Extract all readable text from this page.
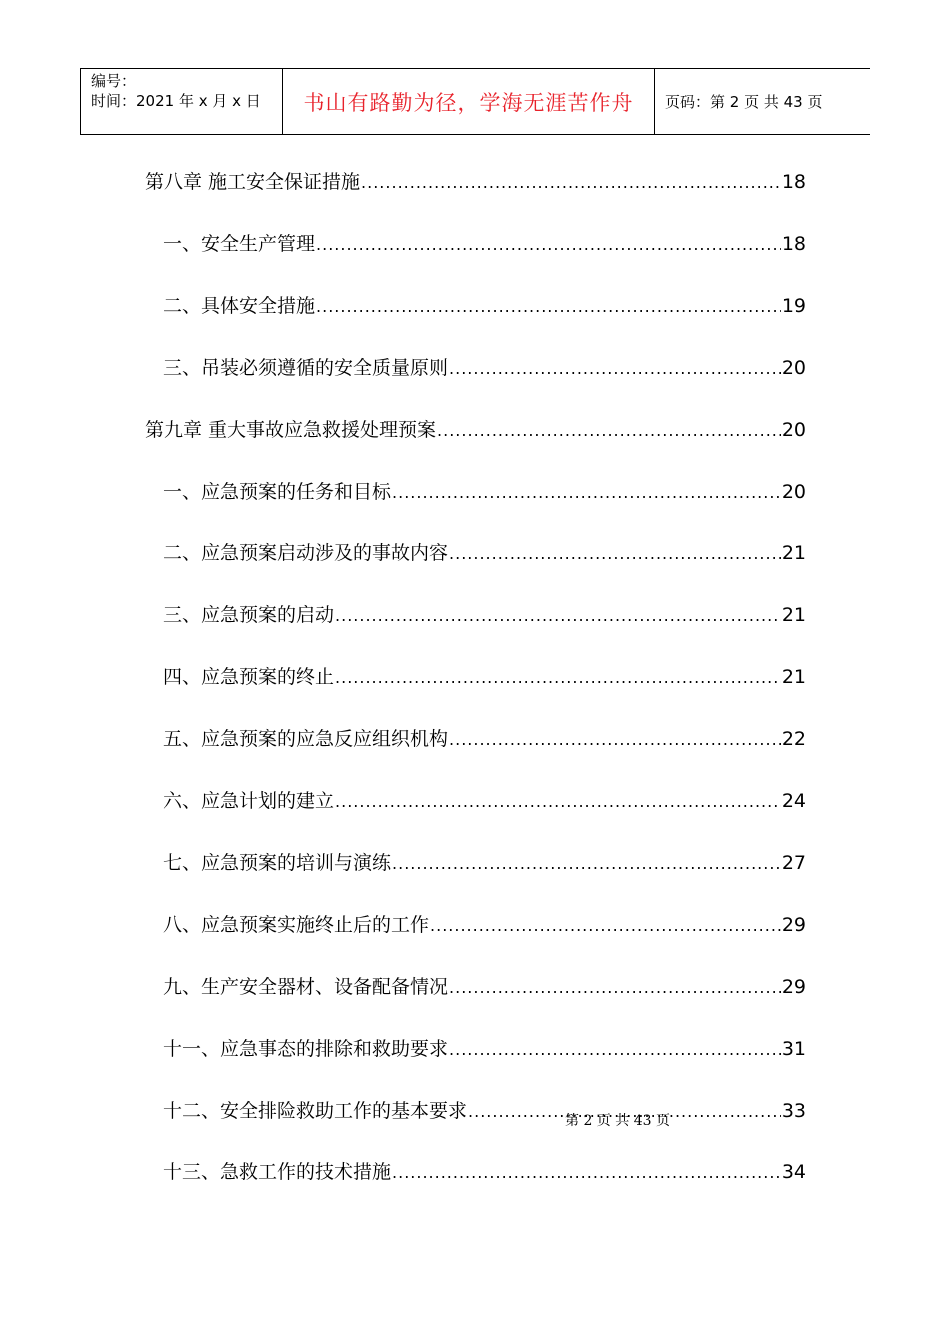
编号：
时间：2021 年 x 月 x 日	书山有路勤为径，学海无涯苦作舟 页码：第 2 页 共 43 页
第八章 施工安全保证措施 .....	18
一、安全生产管理 .....	18
二、具体安全措施 .....	19
三、吊装必须遵循的安全质量原则 .....	20
第九章 重大事故应急救援处理预案 .....	20
一、应急预案的任务和目标 .....	20
二、应急预案启动涉及的事故内容 .....	21
三、应急预案的启动 .....	21
四、应急预案的终止 .....	21
五、应急预案的应急反应组织机构 .....	22
六、应急计划的建立 .....	24
七、应急预案的培训与演练 .....	27
八、应急预案实施终止后的工作 .....	29
九、生产安全器材、设备配备情况 .....	29
十一、应急事态的排除和救助要求 .....	31
十二、安全排险救助工作的基本要求 .....	33
十三、急救工作的技术措施 .....	34
第 2 页 共 43 页
